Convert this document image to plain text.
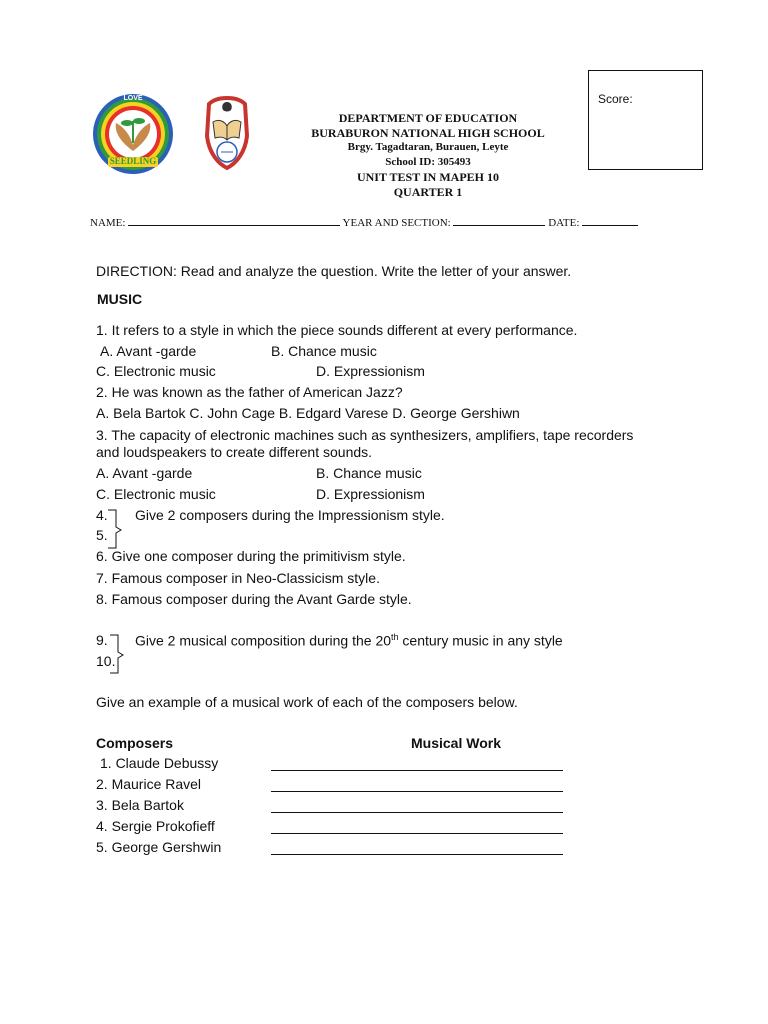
LOVE
SEEDLING
DEPARTMENT OF EDUCATION
BURABURON NATIONAL HIGH SCHOOL
Brgy. Tagadtaran, Burauen, Leyte
School ID: 305493
UNIT TEST IN MAPEH 10
QUARTER 1
Score:
NAME:	YEAR AND SECTION:	DATE:
DIRECTION: Read and analyze the question. Write the letter of your answer.
MUSIC
1. It refers to a style in which the piece sounds different at every performance.
A. Avant -garde	B. Chance music
C. Electronic music	D. Expressionism
2. He was known as the father of American Jazz?
A. Bela Bartok C. John Cage B. Edgard Varese D. George Gershiwn
3. The capacity of electronic machines such as synthesizers, amplifiers, tape recorders
and loudspeakers to create different sounds.
A. Avant -garde	B. Chance music
C. Electronic music	D. Expressionism
4.
5.
Give 2 composers during the Impressionism style.
6. Give one composer during the primitivism style.
7. Famous composer in Neo-Classicism style.
8. Famous composer during the Avant Garde style.
9.
10.
Give 2 musical composition during the 20th century music in any style
Give an example of a musical work of each of the composers below.
Composers	Musical Work
1. Claude Debussy
2. Maurice Ravel
3. Bela Bartok
4. Sergie Prokofieff
5. George Gershwin
